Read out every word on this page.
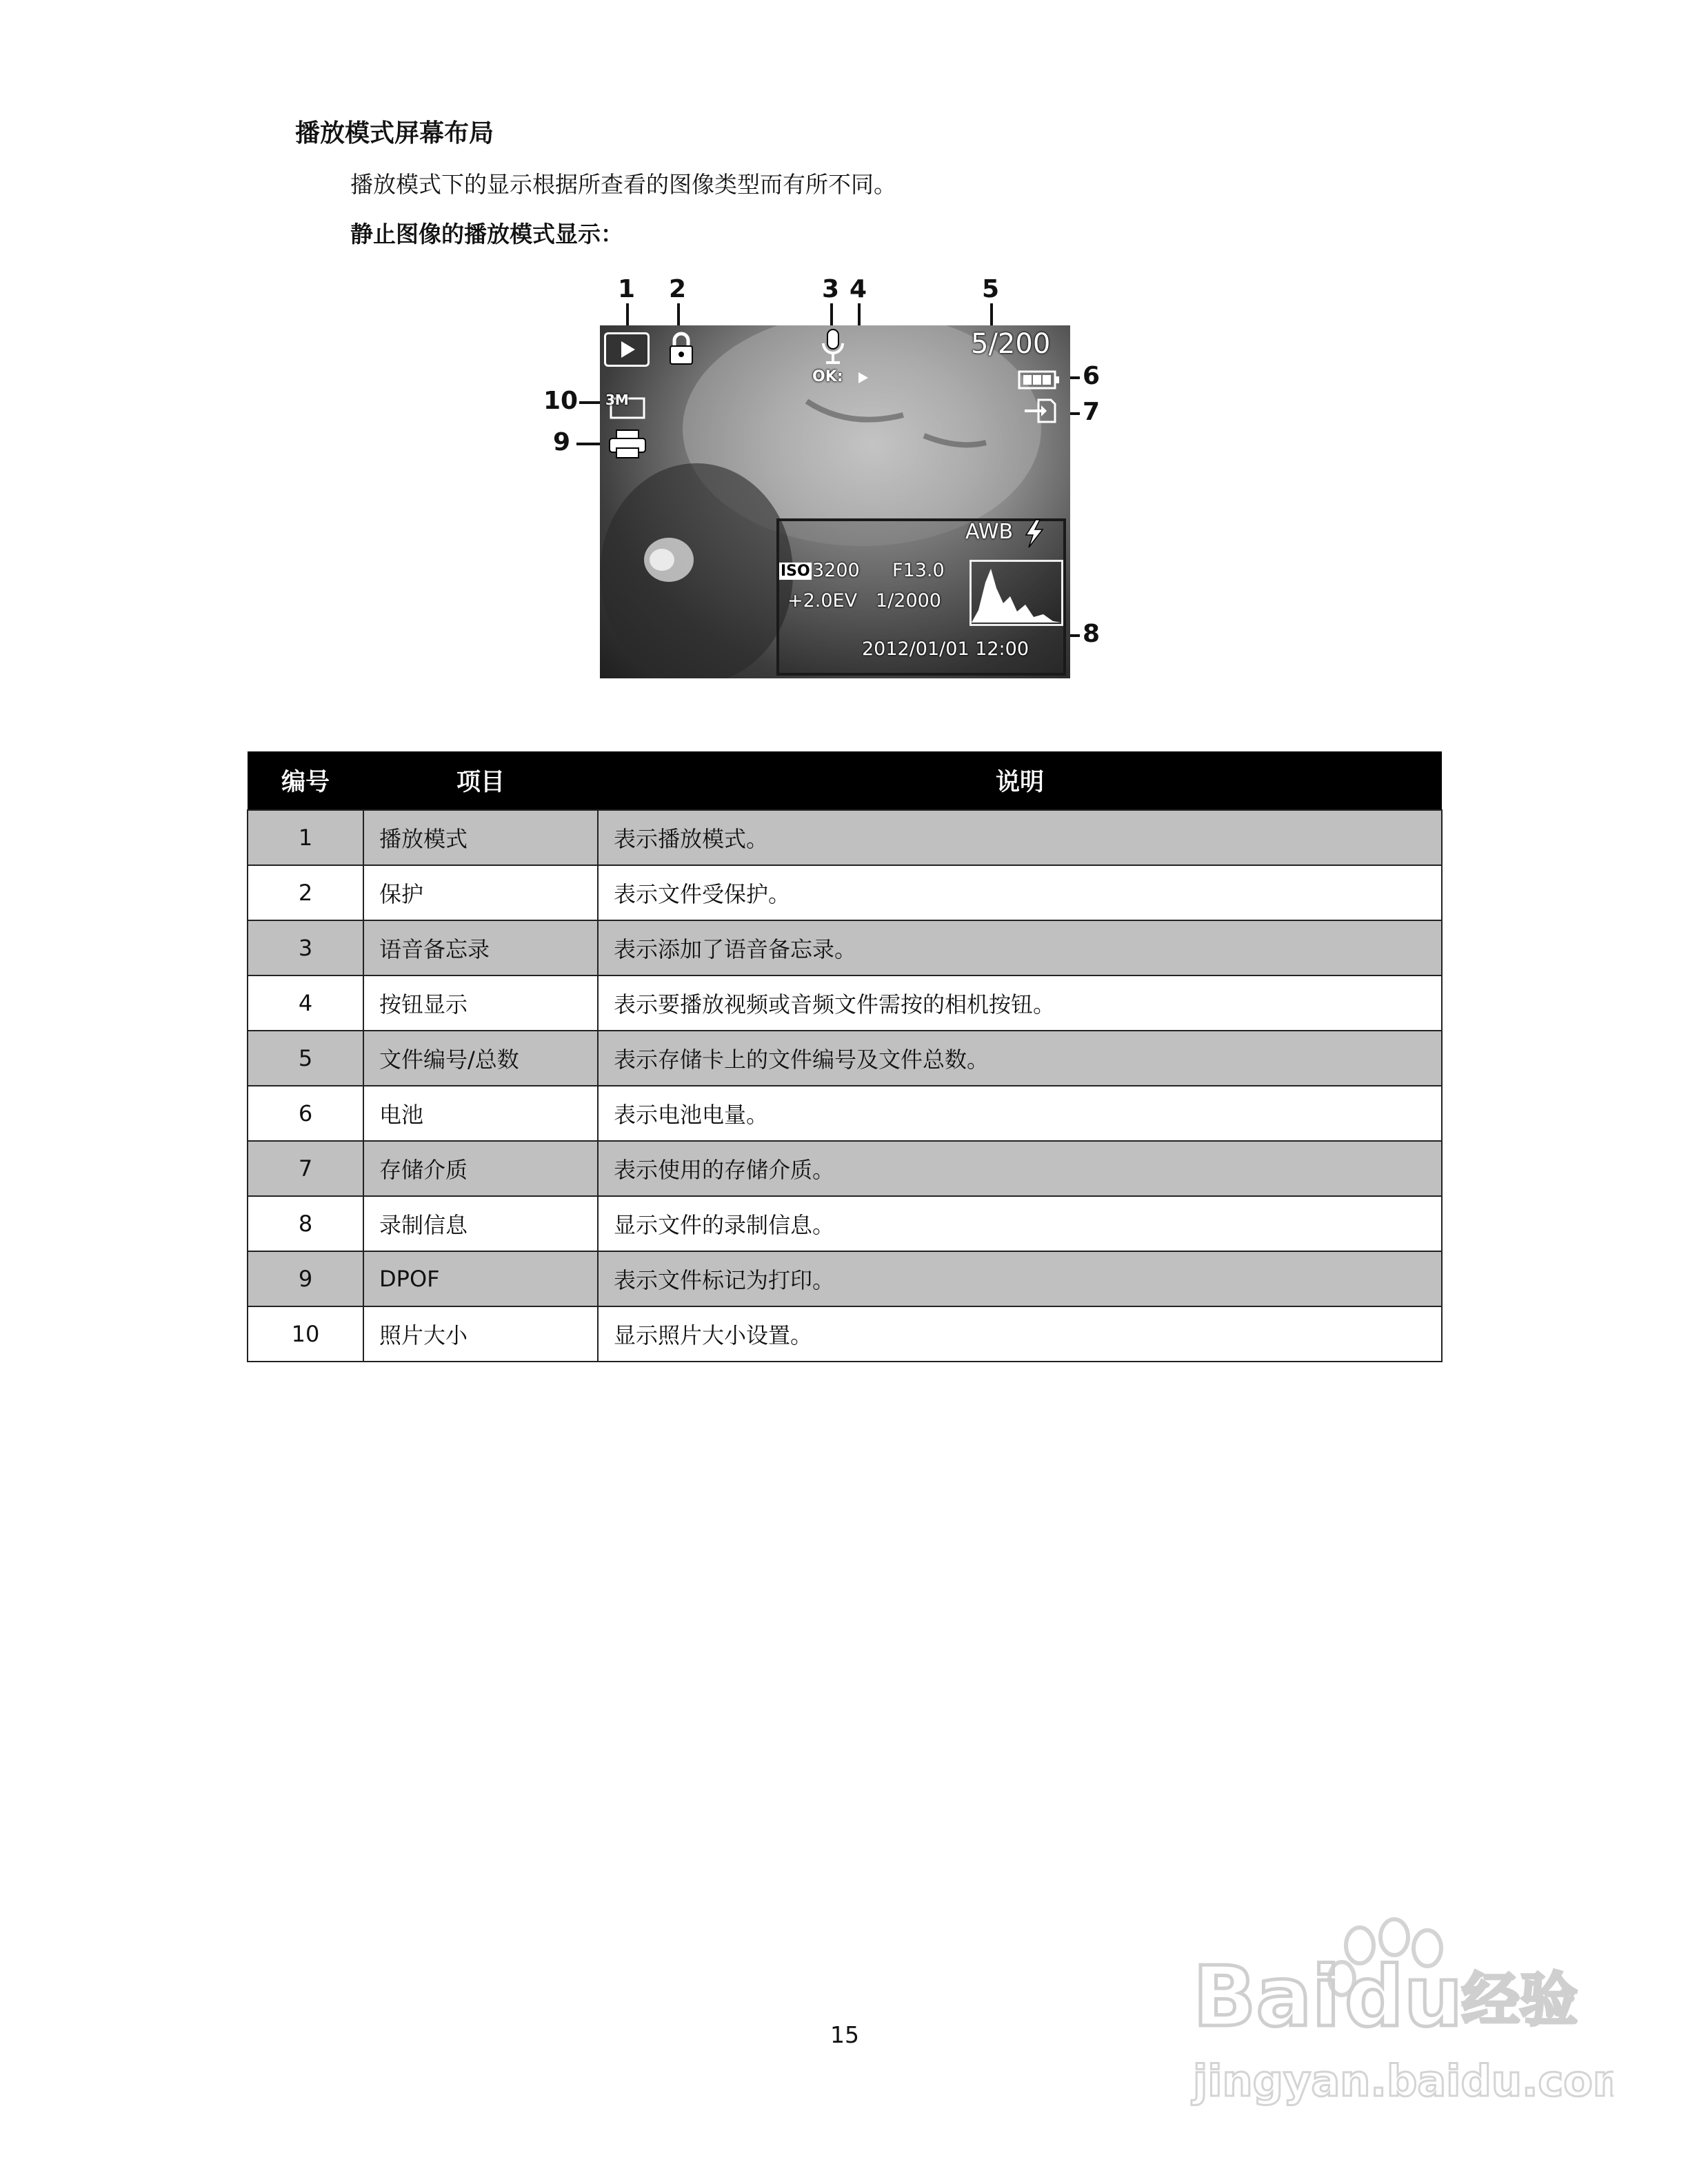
播放模式屏幕布局
播放模式下的显示根据所查看的图像类型而有所不同。
静止图像的播放模式显示：
1 2	3 4	5
6
7
8
9
10
OK:
5/200
3M
AWB
ISO 3200 F13.0
+2.0EV 1/2000
2012/01/01 12:00
编号	项目	说明
1	播放模式	表示播放模式。
2	保护	表示文件受保护。
3	语音备忘录	表示添加了语音备忘录。
4	按钮显示	表示要播放视频或音频文件需按的相机按钮。
5	文件编号/总数	表示存储卡上的文件编号及文件总数。
6	电池	表示电池电量。
7	存储介质	表示使用的存储介质。
8	录制信息	显示文件的录制信息。
9	DPOF	表示文件标记为打印。
10	照片大小	显示照片大小设置。
15	Bai du
经验
jingyan.baidu.com
